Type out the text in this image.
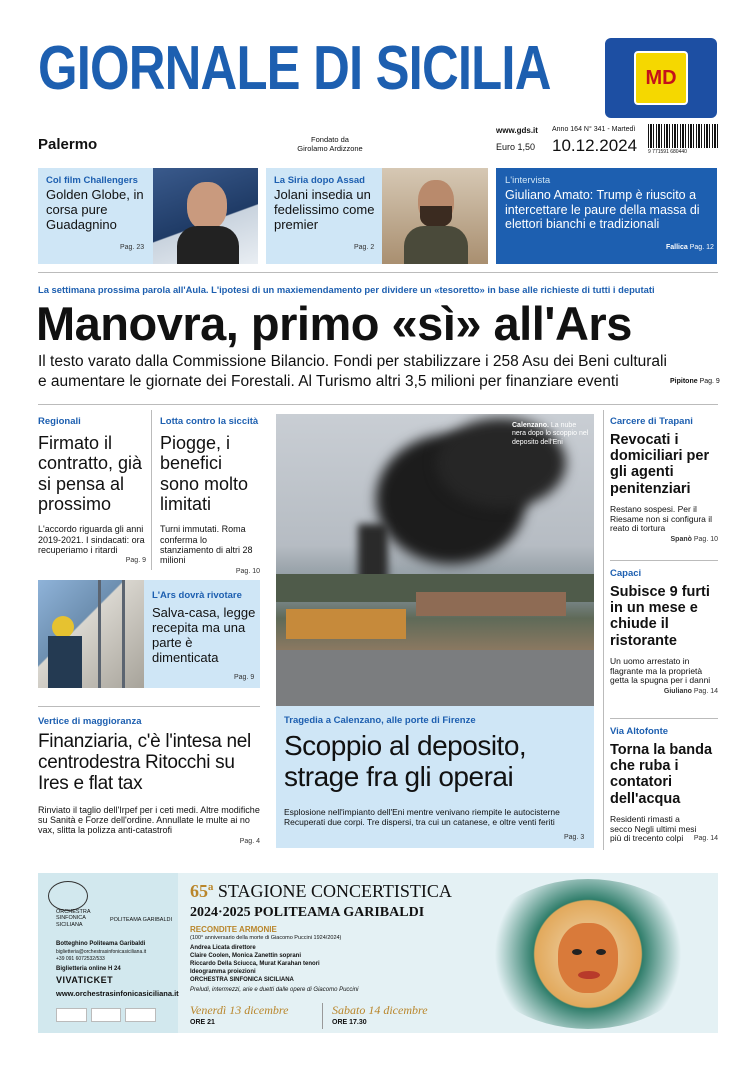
GIORNALE DI SICILIA	MD
Palermo	Fondato da
Girolamo Ardizzone
www.gds.it
Euro 1,50
Anno 164 N° 341 - Martedì
10.12.2024 9 771591 680440
Col film Challengers
Golden Globe, in corsa pure Guadagnino
Pag. 23
La Siria dopo Assad
Jolani insedia un fedelissimo come premier
Pag. 2
L'intervista
Giuliano Amato: Trump è riuscito a intercettare le paure della massa di elettori bianchi e tradizionali
Fallica Pag. 12
La settimana prossima parola all'Aula. L'ipotesi di un maxiemendamento per dividere un «tesoretto» in base alle richieste di tutti i deputati
Manovra, primo «sì» all'Ars
Il testo varato dalla Commissione Bilancio. Fondi per stabilizzare i 258 Asu dei Beni culturali e aumentare le giornate dei Forestali. Al Turismo altri 3,5 milioni per finanziare eventi	Pipitone Pag. 9
Regionali
Firmato il contratto, già si pensa al prossimo
L'accordo riguarda gli anni 2019-2021. I sindacati: ora recuperiamo i ritardi
Pag. 9
Lotta contro la siccità
Piogge, i benefici sono molto limitati
Turni immutati. Roma conferma lo stanziamento di altri 28 milioni
Pag. 10
L'Ars dovrà rivotare
Salva-casa, legge recepita ma una parte è dimenticata
Pag. 9
Vertice di maggioranza
Finanziaria, c'è l'intesa nel centrodestra Ritocchi su Ires e flat tax
Rinviato il taglio dell'Irpef per i ceti medi. Altre modifiche su Sanità e Forze dell'ordine. Annullate le multe ai no vax, slitta la polizza anti-catastrofi
Pag. 4
Calenzano. La nube nera dopo lo scoppio nel deposito dell'Eni
Tragedia a Calenzano, alle porte di Firenze
Scoppio al deposito, strage fra gli operai
Esplosione nell'impianto dell'Eni mentre venivano riempite le autocisterne Recuperati due corpi. Tre dispersi, tra cui un catanese, e oltre venti feriti
Pag. 3
Carcere di Trapani
Revocati i domiciliari per gli agenti penitenziari
Restano sospesi. Per il Riesame non si configura il reato di tortura
Spanò Pag. 10
Capaci
Subisce 9 furti in un mese e chiude il ristorante
Un uomo arrestato in flagrante ma la proprietà getta la spugna per i danni
Giuliano Pag. 14
Via Altofonte
Torna la banda che ruba i contatori dell'acqua
Residenti rimasti a secco Negli ultimi mesi più di trecento colpi	Pag. 14
ORCHESTRA SINFONICA SICILIANA
POLITEAMA GARIBALDI
Botteghino Politeama Garibaldi
biglietteria@orchestrasinfonicasiciliana.it
+39 091 6072532/533
Biglietteria online H 24
VIVATICKET
www.orchestrasinfonicasiciliana.it
65ª STAGIONE CONCERTISTICA
2024·2025 POLITEAMA GARIBALDI
RECONDITE ARMONIE
(100° anniversario della morte di Giacomo Puccini 1924/2024)
Andrea Licata direttore
Claire Coolen, Monica Zanettin soprani
Riccardo Della Sciucca, Murat Karahan tenori
Ideogramma proiezioni
ORCHESTRA SINFONICA SICILIANA
Preludi, intermezzi, arie e duetti dalle opere di Giacomo Puccini
Venerdì 13 dicembre
ORE 21
Sabato 14 dicembre
ORE 17.30
